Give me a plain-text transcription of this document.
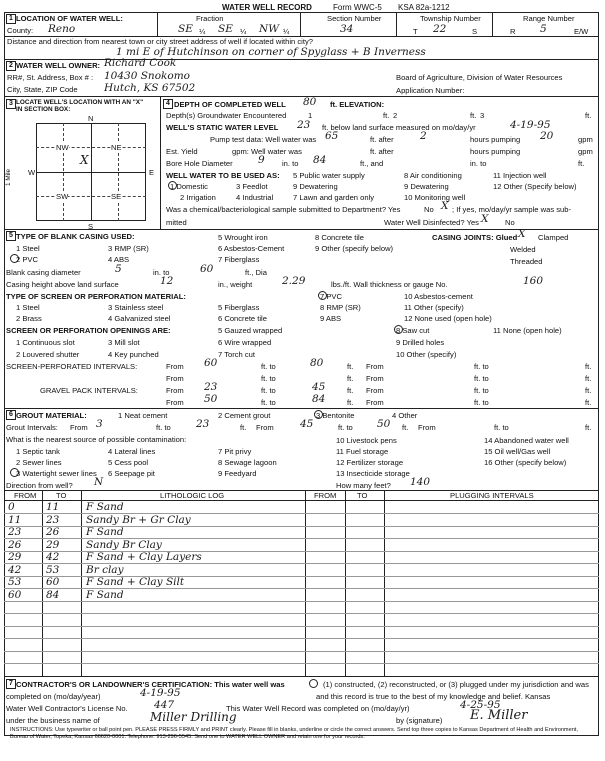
WATER WELL RECORD	Form WWC-5 KSA 82a-1212
1 LOCATION OF WATER WELL:
County: Reno
Fraction
SE ¼ SE ¼ NW ¼
Section Number
34
Township Number
T 22	S
Range Number
R 5	E/W
Distance and direction from nearest town or city street address of well if located within city?
1 mi E of Hutchinson on corner of Spyglass + B Inverness
2 WATER WELL OWNER: Richard Cook
RR#, St. Address, Box # : 10430 Snokomo
City, State, ZIP Code	Hutch, KS 67502
Board of Agriculture, Division of Water Resources
Application Number:
3 LOCATE WELL'S LOCATION WITH AN "X" IN SECTION BOX:
N
S
W	E
NW	NE
SW	SE
X
1 Mile
4 DEPTH OF COMPLETED WELL 80 ft. ELEVATION:
Depth(s) Groundwater Encountered	1	ft. 2	ft. 3	ft.
WELL'S STATIC WATER LEVEL 23 ft. below land surface measured on mo/day/yr	4-19-95
Pump test data: Well water was 65	ft. after	2	hours pumping 20	gpm
Est. Yield	gpm: Well water was	ft. after	hours pumping	gpm
Bore Hole Diameter 9 in. to 84	ft., and	in. to	ft.
WELL WATER TO BE USED AS:
1 Domestic	3 Feedlot
5 Public water supply
9 Dewatering
8 Air conditioning
9 Dewatering
11 Injection well
12 Other (Specify below)
2 Irrigation	4 Industrial	7 Lawn and garden only	10 Monitoring well
Was a chemical/bacteriological sample submitted to Department? Yes	No X ; If yes, mo/day/yr sample was sub-
mitted	Water Well Disinfected? Yes X No
5 TYPE OF BLANK CASING USED:
1 Steel
2 PVC
3 RMP (SR)
4 ABS
5 Wrought iron
6 Asbestos-Cement
7 Fiberglass
8 Concrete tile
9 Other (specify below)
CASING JOINTS: Glued X Clamped
Welded
Threaded
Blank casing diameter	5	in. to	60	ft., Dia
Casing height above land surface	12	in., weight	2.29	lbs./ft. Wall thickness or gauge No.	160
TYPE OF SCREEN OR PERFORATION MATERIAL:
1 Steel
2 Brass
3 Stainless steel
4 Galvanized steel
5 Fiberglass
6 Concrete tile
7 PVC
8 RMP (SR)
9 ABS
10 Asbestos-cement
11 Other (specify)
12 None used (open hole)
SCREEN OR PERFORATION OPENINGS ARE:
1 Continuous slot
2 Louvered shutter
3 Mill slot
4 Key punched
5 Gauzed wrapped
6 Wire wrapped
7 Torch cut
8 Saw cut
9 Drilled holes
10 Other (specify)
11 None (open hole)
SCREEN-PERFORATED INTERVALS:	From 60	ft. to	80	ft. From	ft. to	ft.
From	ft. to	ft. From	ft. to	ft.
GRAVEL PACK INTERVALS:	From 23	ft. to	45	ft. From	ft. to	ft.
From 50	ft. to	84	ft. From	ft. to	ft.
6 GROUT MATERIAL:	1 Neat cement	2 Cement grout	3 Bentonite	4 Other
Grout Intervals: From 3	ft. to 23	ft. From	45	ft. to 50 ft. From	ft. to	ft.
What is the nearest source of possible contamination:
1 Septic tank
2 Sewer lines
3 Watertight sewer lines
4 Lateral lines
5 Cess pool
6 Seepage pit
7 Pit privy
8 Sewage lagoon
9 Feedyard
10 Livestock pens
11 Fuel storage
12 Fertilizer storage
13 Insecticide storage
14 Abandoned water well
15 Oil well/Gas well
16 Other (specify below)
Direction from well? N	How many feet? 140
FROM	TO	LITHOLOGIC LOG	FROM	TO	PLUGGING INTERVALS
0	11	F Sand
11 23	Sandy Br + Gr Clay
23 26	F Sand
26 29	Sandy Br Clay
29 42	F Sand + Clay Layers
42 53	Br clay
53 60	F Sand + Clay Silt
60 84	F Sand
7 CONTRACTOR'S OR LANDOWNER'S CERTIFICATION: This water well was	(1) constructed, (2) reconstructed, or (3) plugged under my jurisdiction and was
completed on (mo/day/year)	4-19-95	and this record is true to the best of my knowledge and belief. Kansas
Water Well Contractor's License No.	447	This Water Well Record was completed on (mo/day/yr)	4-25-95
under the business name of	Miller Drilling	by (signature) E. Miller
INSTRUCTIONS: Use typewriter or ball point pen. PLEASE PRESS FIRMLY and PRINT clearly. Please fill in blanks, underline or circle the correct answers. Send top three copies to Kansas Department of Health and Environment, Bureau of Water, Topeka, Kansas 66620-0001. Telephone: 913-296-5545. Send one to WATER WELL OWNER and retain one for your records.
